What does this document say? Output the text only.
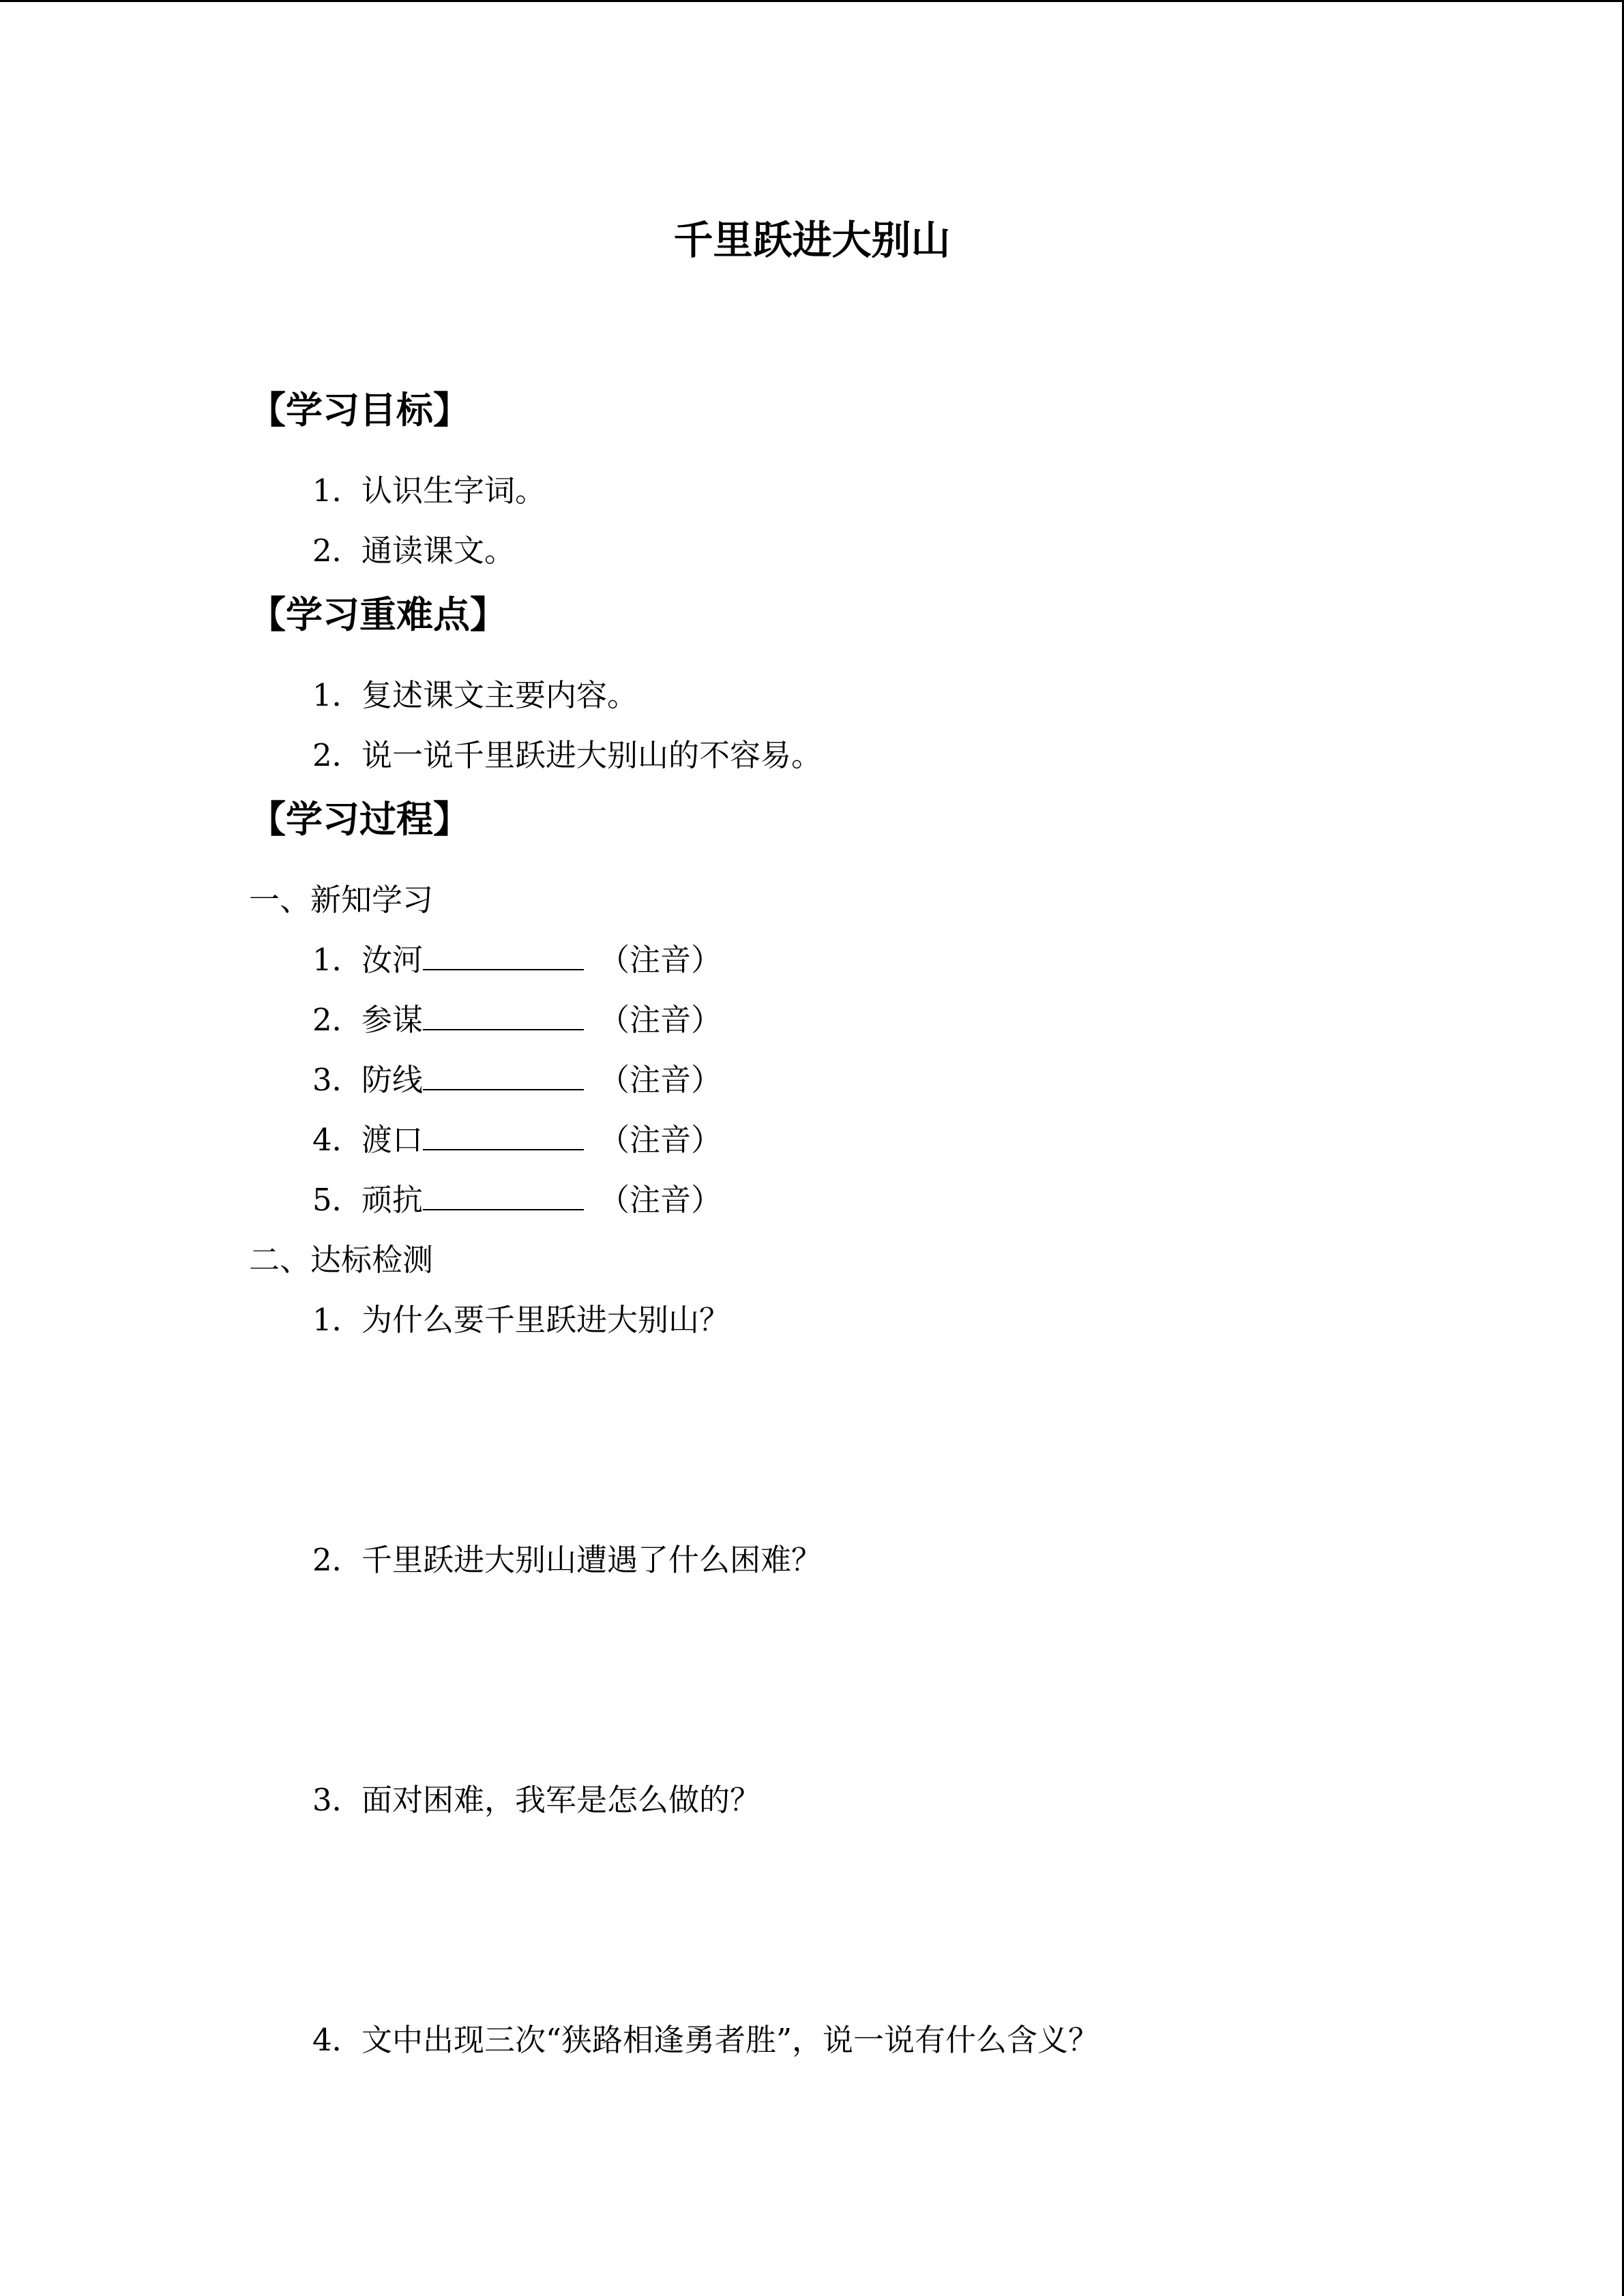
千里跃进大别山
【学习目标】
1．认识生字词。
2．通读课文。
【学习重难点】
1．复述课文主要内容。
2．说一说千里跃进大别山的不容易。
【学习过程】
一、新知学习
1．汝河	（注音）
2．参谋	（注音）
3．防线	（注音）
4．渡口	（注音）
5．顽抗	（注音）
二、达标检测
1．为什么要千里跃进大别山？
2．千里跃进大别山遭遇了什么困难？
3．面对困难，我军是怎么做的？
4．文中出现三次“狭路相逢勇者胜”，说一说有什么含义？
